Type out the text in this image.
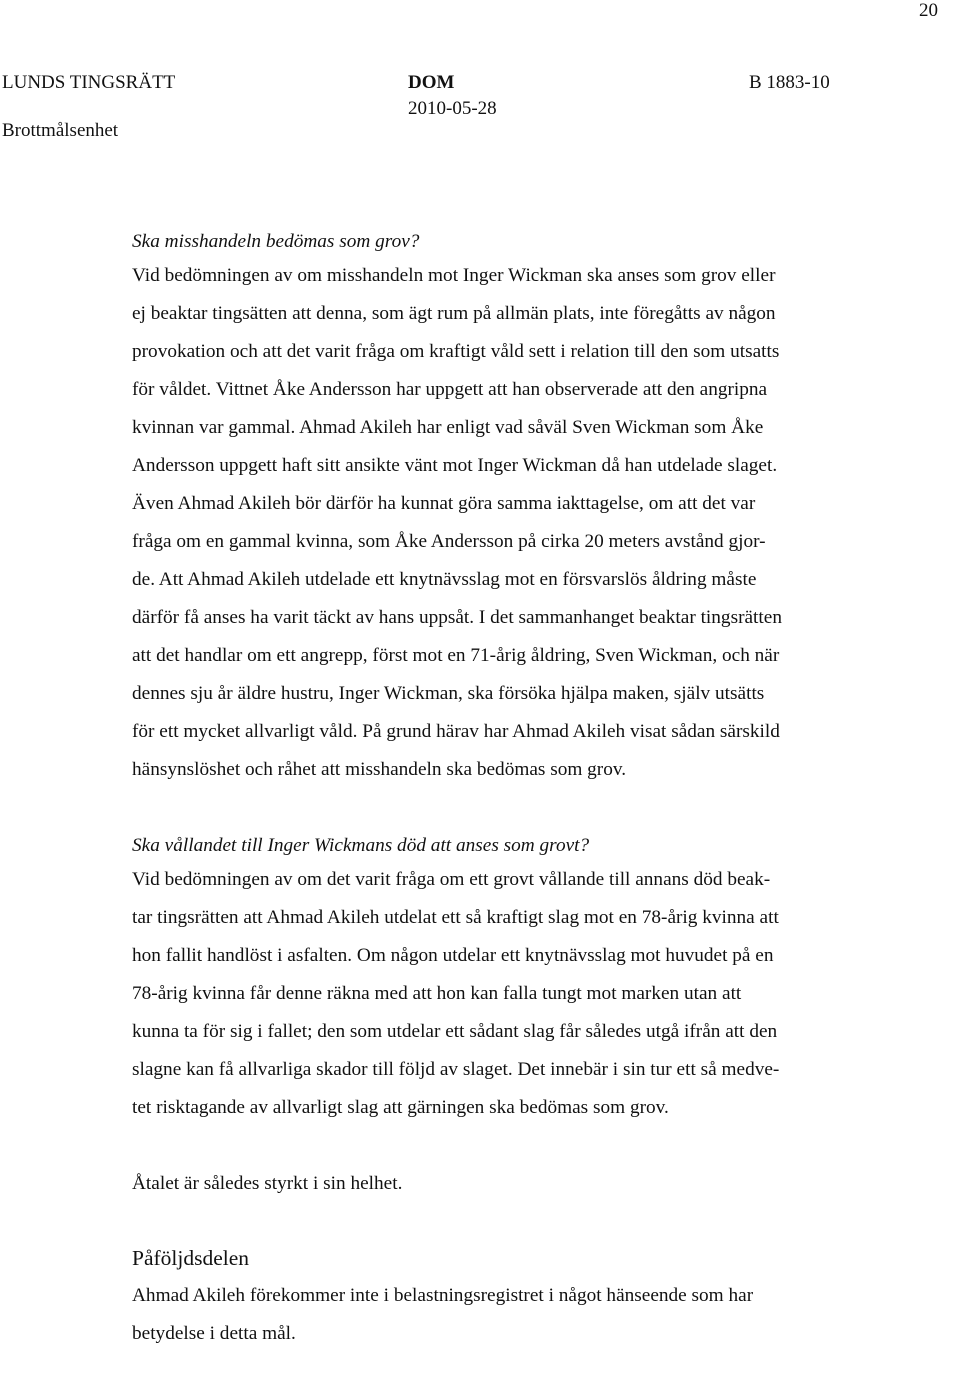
20
LUNDS TINGSRÄTT
Brottmålsenhet
DOM
2010-05-28
B 1883-10
Ska misshandeln bedömas som grov?
Vid bedömningen av om misshandeln mot Inger Wickman ska anses som grov eller
ej beaktar tingsätten att denna, som ägt rum på allmän plats, inte föregåtts av någon
provokation och att det varit fråga om kraftigt våld sett i relation till den som utsatts
för våldet. Vittnet Åke Andersson har uppgett att han observerade att den angripna
kvinnan var gammal. Ahmad Akileh har enligt vad såväl Sven Wickman som Åke
Andersson uppgett haft sitt ansikte vänt mot Inger Wickman då han utdelade slaget.
Även Ahmad Akileh bör därför ha kunnat göra samma iakttagelse, om att det var
fråga om en gammal kvinna, som Åke Andersson på cirka 20 meters avstånd gjor-
de. Att Ahmad Akileh utdelade ett knytnävsslag mot en försvarslös åldring måste
därför få anses ha varit täckt av hans uppsåt. I det sammanhanget beaktar tingsrätten
att det handlar om ett angrepp, först mot en 71-årig åldring, Sven Wickman, och när
dennes sju år äldre hustru, Inger Wickman, ska försöka hjälpa maken, själv utsätts
för ett mycket allvarligt våld. På grund härav har Ahmad Akileh visat sådan särskild
hänsynslöshet och råhet att misshandeln ska bedömas som grov.
Ska vållandet till Inger Wickmans död att anses som grovt?
Vid bedömningen av om det varit fråga om ett grovt vållande till annans död beak-
tar tingsrätten att Ahmad Akileh utdelat ett så kraftigt slag mot en 78-årig kvinna att
hon fallit handlöst i asfalten. Om någon utdelar ett knytnävsslag mot huvudet på en
78-årig kvinna får denne räkna med att hon kan falla tungt mot marken utan att
kunna ta för sig i fallet; den som utdelar ett sådant slag får således utgå ifrån att den
slagne kan få allvarliga skador till följd av slaget. Det innebär i sin tur ett så medve-
tet risktagande av allvarligt slag att gärningen ska bedömas som grov.
Åtalet är således styrkt i sin helhet.
Påföljdsdelen
Ahmad Akileh förekommer inte i belastningsregistret i något hänseende som har
betydelse i detta mål.
